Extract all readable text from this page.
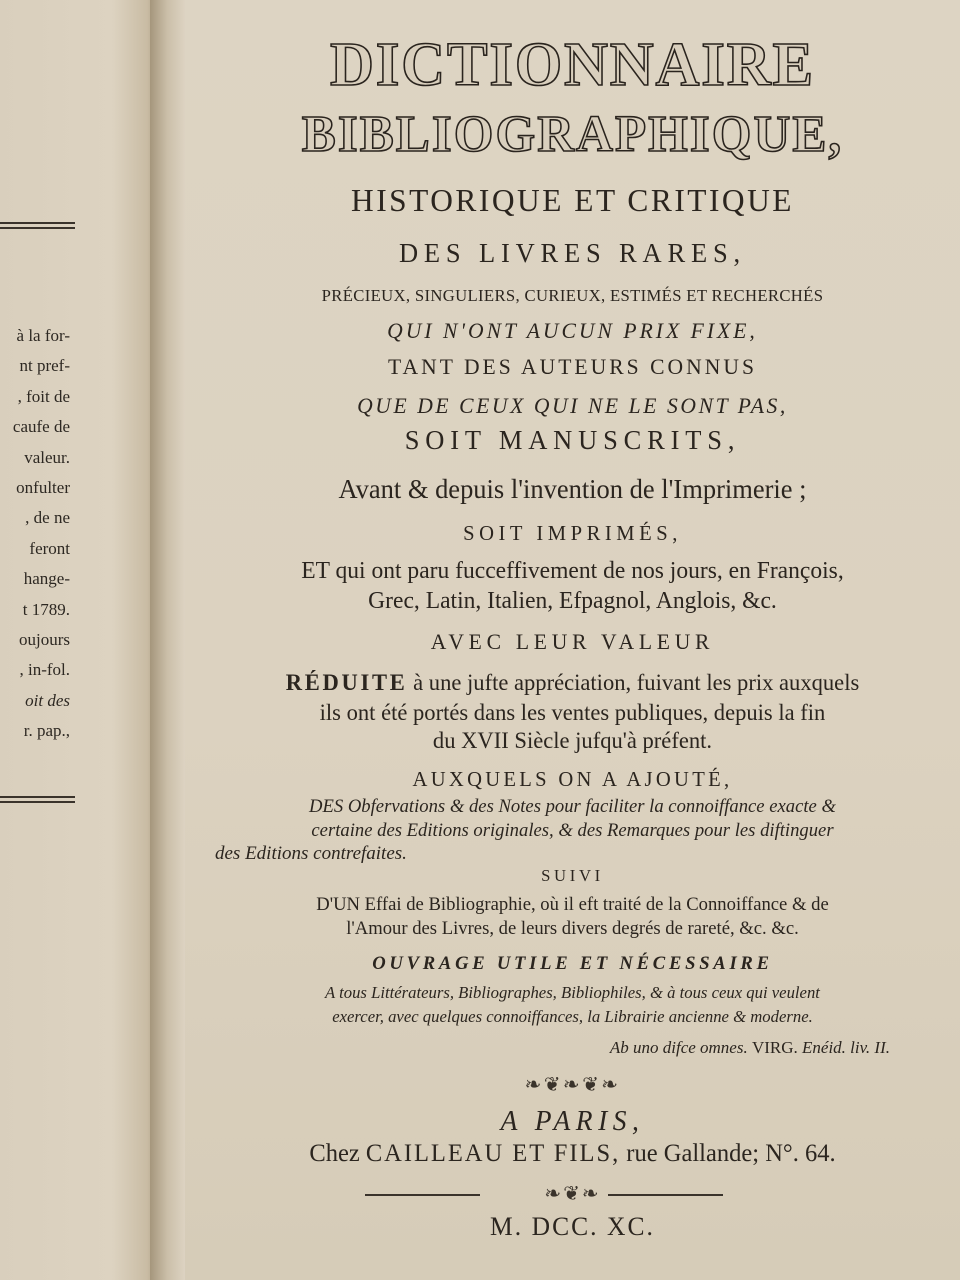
à la for-
nt pref-
, foit de
caufe de
valeur.
onfulter
, de ne
feront
hange-
t 1789.
oujours
, in-fol.
oit des
r. pap.,
DICTIONNAIRE
BIBLIOGRAPHIQUE,
HISTORIQUE ET CRITIQUE
DES LIVRES RARES,
PRÉCIEUX, SINGULIERS, CURIEUX, ESTIMÉS ET RECHERCHÉS
QUI N'ONT AUCUN PRIX FIXE,
TANT DES AUTEURS CONNUS
QUE DE CEUX QUI NE LE SONT PAS,
SOIT MANUSCRITS,
Avant & depuis l'invention de l'Imprimerie ;
SOIT IMPRIMÉS,
ET qui ont paru fucceffivement de nos jours, en François,
Grec, Latin, Italien, Efpagnol, Anglois, &c.
AVEC LEUR VALEUR
RÉDUITE à une jufte appréciation, fuivant les prix auxquels
ils ont été portés dans les ventes publiques, depuis la fin
du XVII Siècle jufqu'à préfent.
AUXQUELS ON A AJOUTÉ,
DES Obfervations & des Notes pour faciliter la connoiffance exacte &
certaine des Editions originales, & des Remarques pour les diftinguer
des Editions contrefaites.
SUIVI
D'UN Effai de Bibliographie, où il eft traité de la Connoiffance & de
l'Amour des Livres, de leurs divers degrés de rareté, &c. &c.
OUVRAGE UTILE ET NÉCESSAIRE
A tous Littérateurs, Bibliographes, Bibliophiles, & à tous ceux qui veulent
exercer, avec quelques connoiffances, la Librairie ancienne & moderne.
Ab uno difce omnes. VIRG. Enéid. liv. II.
❧❦❧❦❧
A PARIS,
Chez CAILLEAU ET FILS, rue Gallande; N°. 64.
❧❦❧
M. DCC. XC.
